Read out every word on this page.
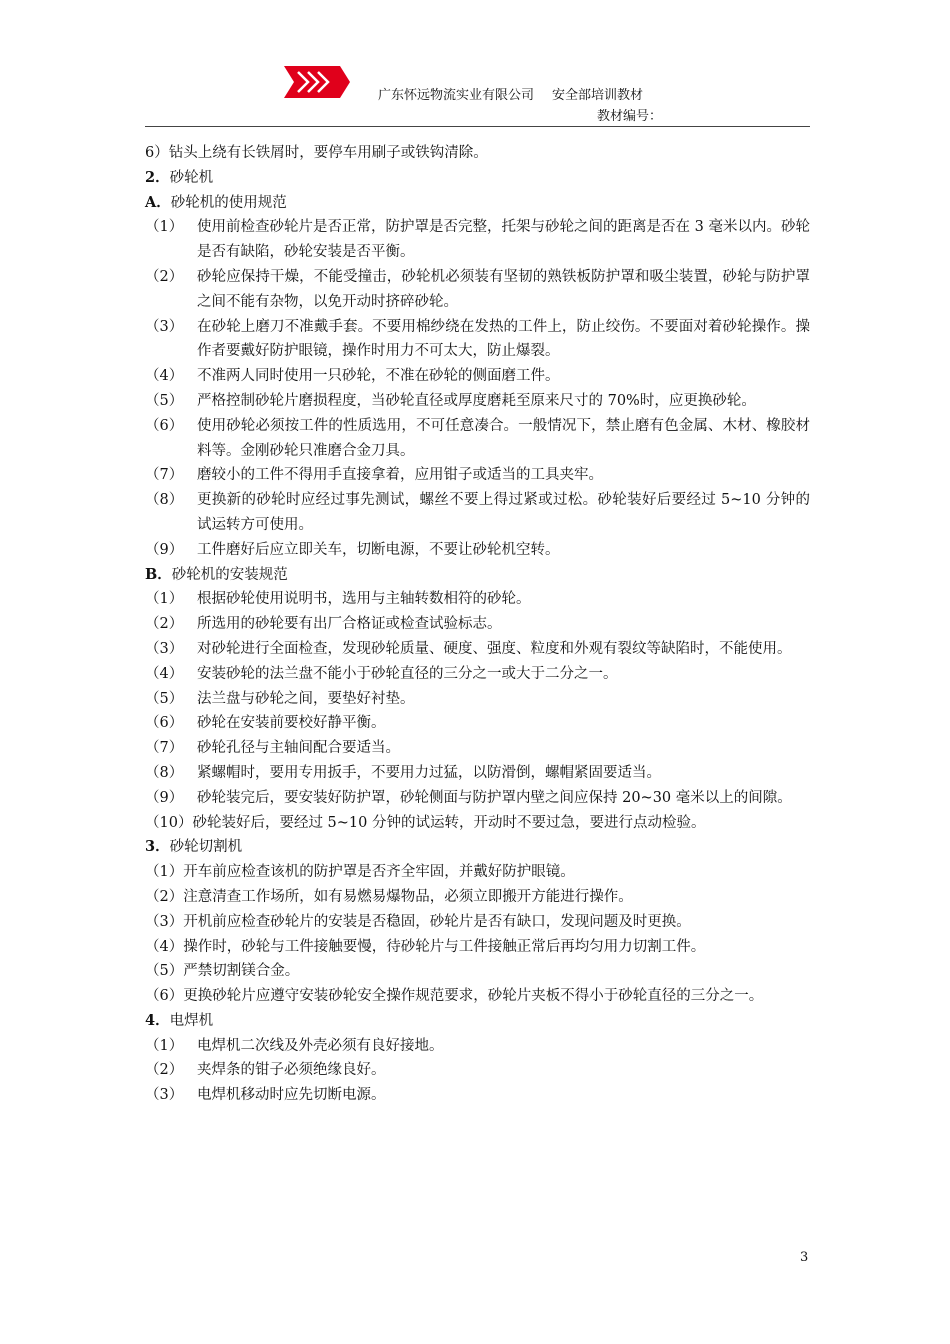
广东怀远物流实业有限公司 安全部培训教材
教材编号：
6）钻头上绕有长铁屑时，要停车用刷子或铁钩清除。
2．砂轮机
A．砂轮机的使用规范
（1） 使用前检查砂轮片是否正常，防护罩是否完整，托架与砂轮之间的距离是否在 3 毫米以内。砂轮是否有缺陷，砂轮安装是否平衡。
（2） 砂轮应保持干燥，不能受撞击，砂轮机必须装有坚韧的熟铁板防护罩和吸尘装置，砂轮与防护罩之间不能有杂物，以免开动时挤碎砂轮。
（3） 在砂轮上磨刀不准戴手套。不要用棉纱绕在发热的工件上，防止绞伤。不要面对着砂轮操作。操作者要戴好防护眼镜，操作时用力不可太大，防止爆裂。
（4） 不准两人同时使用一只砂轮，不准在砂轮的侧面磨工件。
（5） 严格控制砂轮片磨损程度，当砂轮直径或厚度磨耗至原来尺寸的 70%时，应更换砂轮。
（6） 使用砂轮必须按工件的性质选用，不可任意凑合。一般情况下，禁止磨有色金属、木材、橡胶材料等。金刚砂轮只准磨合金刀具。
（7） 磨较小的工件不得用手直接拿着，应用钳子或适当的工具夹牢。
（8） 更换新的砂轮时应经过事先测试，螺丝不要上得过紧或过松。砂轮装好后要经过 5~10 分钟的试运转方可使用。
（9） 工件磨好后应立即关车，切断电源，不要让砂轮机空转。
B．砂轮机的安装规范
（1） 根据砂轮使用说明书，选用与主轴转数相符的砂轮。
（2） 所选用的砂轮要有出厂合格证或检查试验标志。
（3） 对砂轮进行全面检查，发现砂轮质量、硬度、强度、粒度和外观有裂纹等缺陷时，不能使用。
（4） 安装砂轮的法兰盘不能小于砂轮直径的三分之一或大于二分之一。
（5） 法兰盘与砂轮之间，要垫好衬垫。
（6） 砂轮在安装前要校好静平衡。
（7） 砂轮孔径与主轴间配合要适当。
（8） 紧螺帽时，要用专用扳手，不要用力过猛，以防滑倒，螺帽紧固要适当。
（9） 砂轮装完后，要安装好防护罩，砂轮侧面与防护罩内壁之间应保持 20~30 毫米以上的间隙。
（10） 砂轮装好后，要经过 5~10 分钟的试运转，开动时不要过急，要进行点动检验。
3．砂轮切割机
（1） 开车前应检查该机的防护罩是否齐全牢固，并戴好防护眼镜。
（2） 注意清查工作场所，如有易燃易爆物品，必须立即搬开方能进行操作。
（3） 开机前应检查砂轮片的安装是否稳固，砂轮片是否有缺口，发现问题及时更换。
（4） 操作时，砂轮与工件接触要慢，待砂轮片与工件接触正常后再均匀用力切割工件。
（5） 严禁切割镁合金。
（6） 更换砂轮片应遵守安装砂轮安全操作规范要求，砂轮片夹板不得小于砂轮直径的三分之一。
4．电焊机
（1） 电焊机二次线及外壳必须有良好接地。
（2） 夹焊条的钳子必须绝缘良好。
（3） 电焊机移动时应先切断电源。
3
